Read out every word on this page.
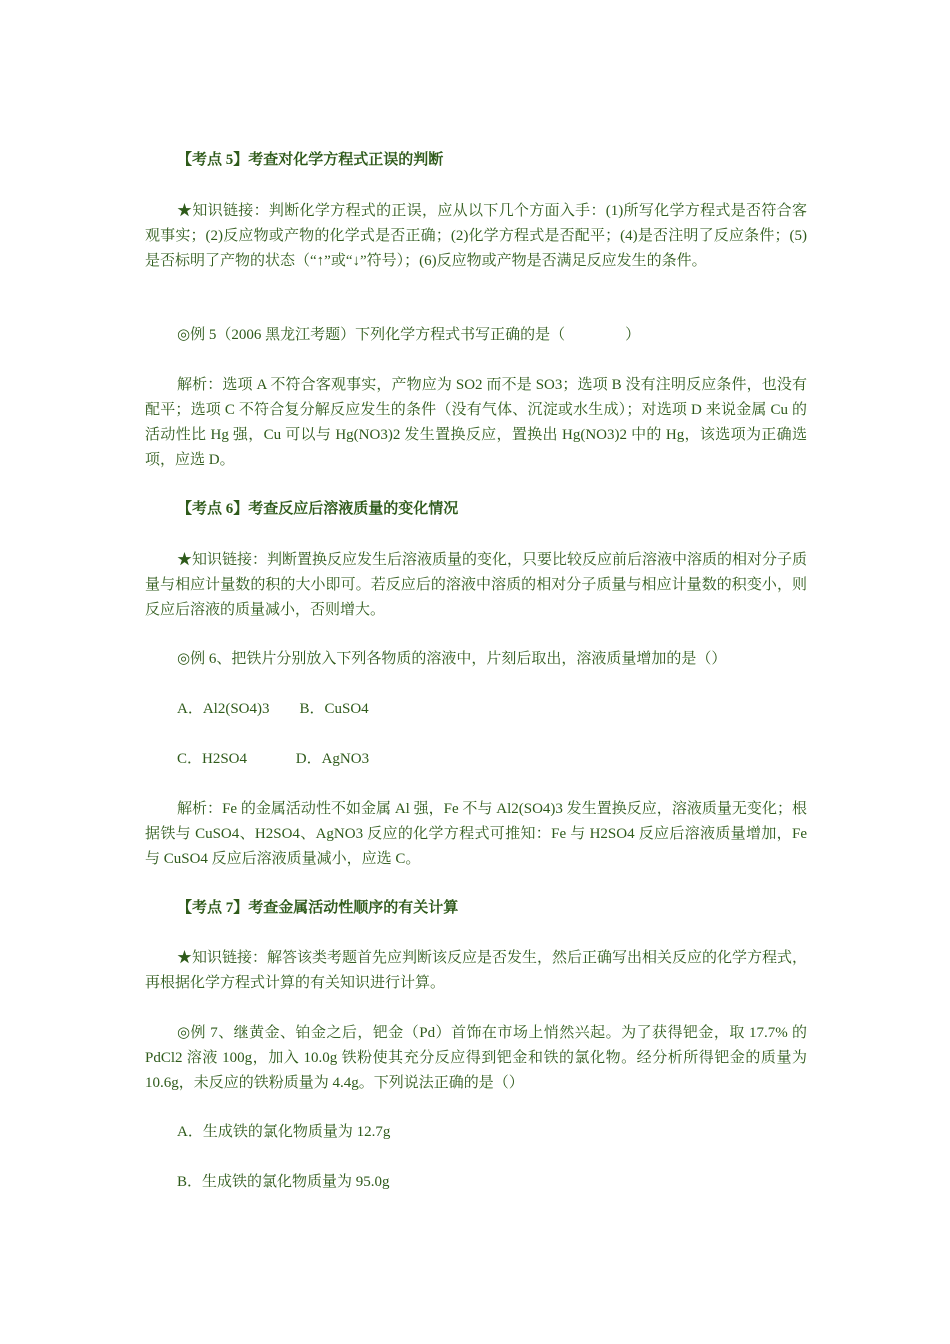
【考点 5】考查对化学方程式正误的判断

★知识链接：判断化学方程式的正误，应从以下几个方面入手：(1)所写化学方程式是否符合客观事实；(2)反应物或产物的化学式是否正确；(2)化学方程式是否配平；(4)是否注明了反应条件；(5)是否标明了产物的状态（“↑”或“↓”符号）；(6)反应物或产物是否满足反应发生的条件。

◎例 5（2006 黑龙江考题）下列化学方程式书写正确的是（　　　　）

解析：选项 A 不符合客观事实，产物应为 SO2 而不是 SO3；选项 B 没有注明反应条件，也没有配平；选项 C 不符合复分解反应发生的条件（没有气体、沉淀或水生成）；对选项 D 来说金属 Cu 的活动性比 Hg 强，Cu 可以与 Hg(NO3)2 发生置换反应，置换出 Hg(NO3)2 中的 Hg，该选项为正确选项，应选 D。

【考点 6】考查反应后溶液质量的变化情况

★知识链接：判断置换反应发生后溶液质量的变化，只要比较反应前后溶液中溶质的相对分子质量与相应计量数的积的大小即可。若反应后的溶液中溶质的相对分子质量与相应计量数的积变小，则反应后溶液的质量减小，否则增大。

◎例 6、把铁片分别放入下列各物质的溶液中，片刻后取出，溶液质量增加的是（）

A．Al2(SO4)3        B．CuSO4

C．H2SO4             D．AgNO3

解析：Fe 的金属活动性不如金属 Al 强，Fe 不与 Al2(SO4)3 发生置换反应，溶液质量无变化；根据铁与 CuSO4、H2SO4、AgNO3 反应的化学方程式可推知：Fe 与 H2SO4 反应后溶液质量增加，Fe 与 CuSO4 反应后溶液质量减小，应选 C。

【考点 7】考查金属活动性顺序的有关计算

★知识链接：解答该类考题首先应判断该反应是否发生，然后正确写出相关反应的化学方程式，再根据化学方程式计算的有关知识进行计算。

◎例 7、继黄金、铂金之后，钯金（Pd）首饰在市场上悄然兴起。为了获得钯金，取 17.7% 的 PdCl2 溶液 100g，加入 10.0g 铁粉使其充分反应得到钯金和铁的氯化物。经分析所得钯金的质量为 10.6g，未反应的铁粉质量为 4.4g。下列说法正确的是（）

A．生成铁的氯化物质量为 12.7g

B．生成铁的氯化物质量为 95.0g
